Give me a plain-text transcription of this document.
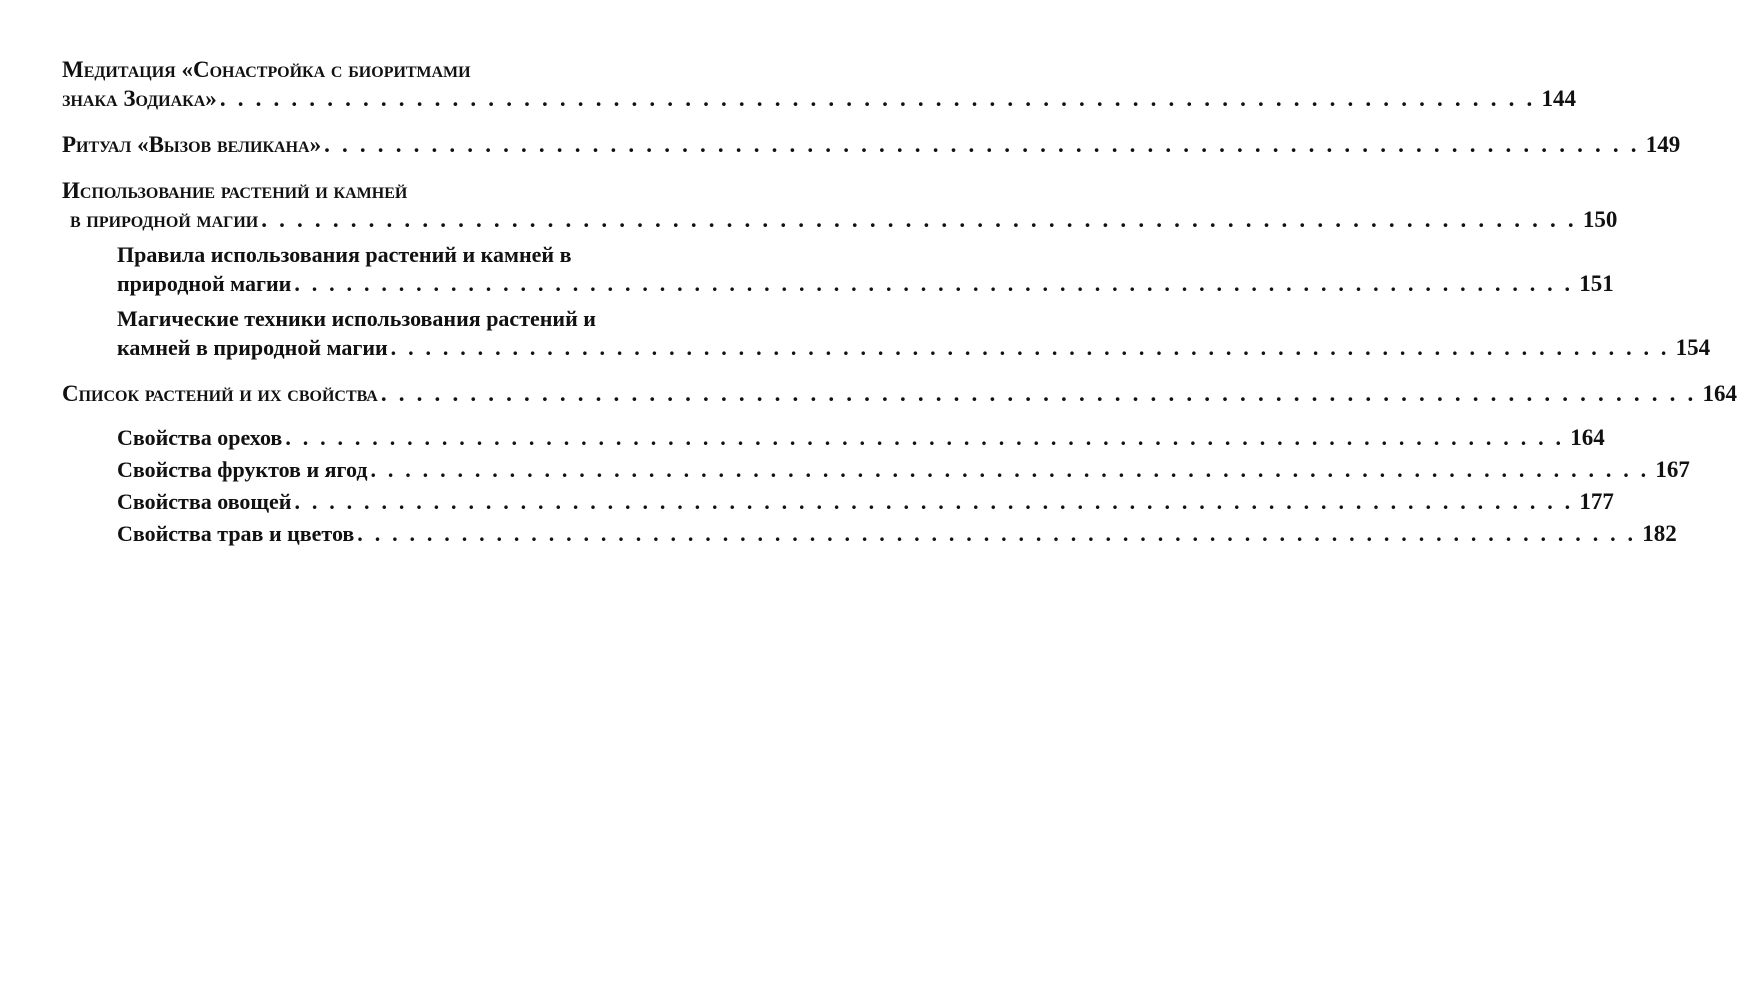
Медитация «Сонастройка с биоритмами
знака Зодиака» . . . . . . . . . . . . . . . . . . . . . . . . . . . . . . . . . . . . . . . . . . . . . . . . . . . . . . . . . . . . . . . . . . . . . . . . . . 144
Ритуал «Вызов великана» . . . . . . . . . . . . . . . . . . . . . . . . . . . . . . . . . . . . . . . . . . . . . . . . . . . . . . . . . . . . . . . . . . . . . . . . . . 149
Использование растений и камней
в природной магии . . . . . . . . . . . . . . . . . . . . . . . . . . . . . . . . . . . . . . . . . . . . . . . . . . . . . . . . . . . . . . . . . . . . . . . . . . 150
Правила использования растений и камней в
природной магии . . . . . . . . . . . . . . . . . . . . . . . . . . . . . . . . . . . . . . . . . . . . . . . . . . . . . . . . . . . . . . . . . . . . . . . . . . 151
Магические техники использования растений и
камней в природной магии . . . . . . . . . . . . . . . . . . . . . . . . . . . . . . . . . . . . . . . . . . . . . . . . . . . . . . . . . . . . . . . . . . . . . . . . . . 154
Список растений и их свойства . . . . . . . . . . . . . . . . . . . . . . . . . . . . . . . . . . . . . . . . . . . . . . . . . . . . . . . . . . . . . . . . . . . . . . . . . . 164
Свойства орехов . . . . . . . . . . . . . . . . . . . . . . . . . . . . . . . . . . . . . . . . . . . . . . . . . . . . . . . . . . . . . . . . . . . . . . . . . . 164
Свойства фруктов и ягод . . . . . . . . . . . . . . . . . . . . . . . . . . . . . . . . . . . . . . . . . . . . . . . . . . . . . . . . . . . . . . . . . . . . . . . . . . 167
Свойства овощей . . . . . . . . . . . . . . . . . . . . . . . . . . . . . . . . . . . . . . . . . . . . . . . . . . . . . . . . . . . . . . . . . . . . . . . . . . 177
Свойства трав и цветов . . . . . . . . . . . . . . . . . . . . . . . . . . . . . . . . . . . . . . . . . . . . . . . . . . . . . . . . . . . . . . . . . . . . . . . . . . 182
